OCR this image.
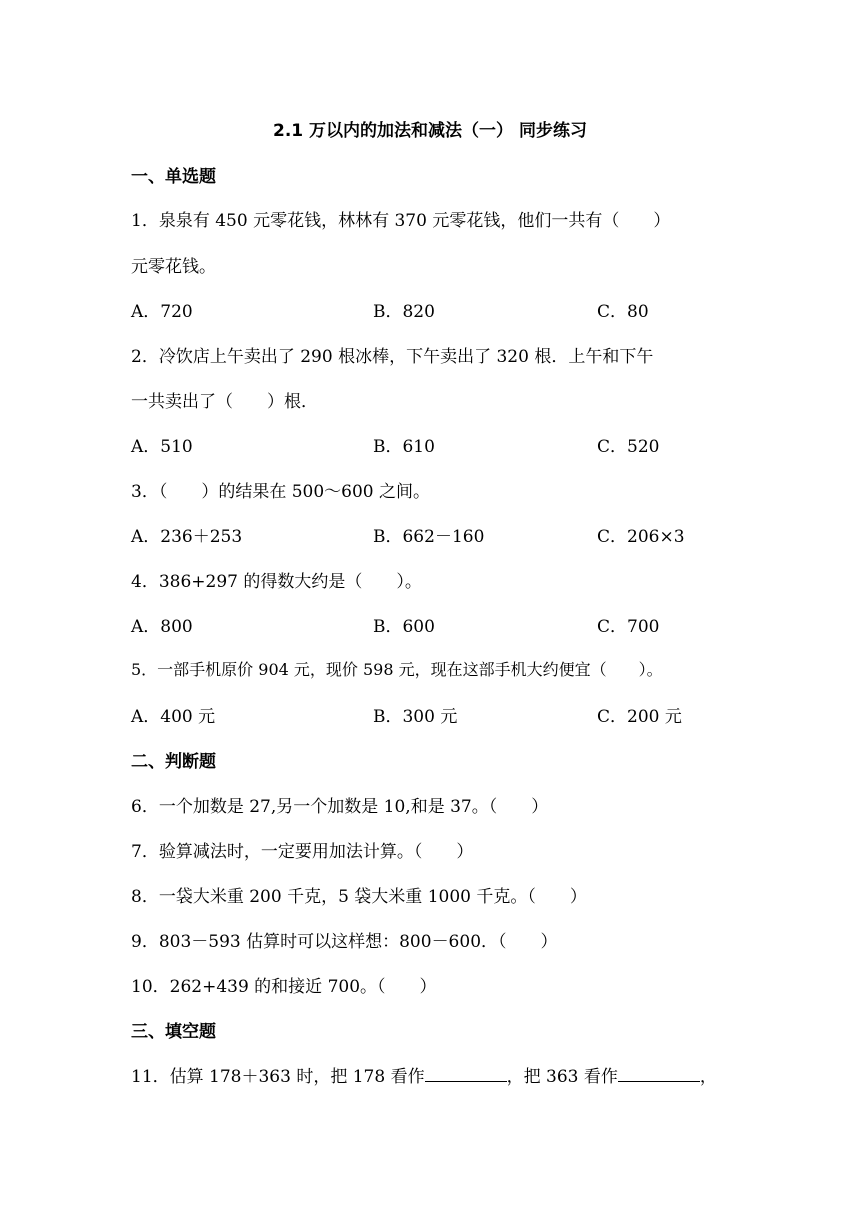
2.1 万以内的加法和减法（一） 同步练习
一、单选题
1．泉泉有 450 元零花钱，林林有 370 元零花钱，他们一共有（　　）
元零花钱。
A．720	B．820	C．80
2．冷饮店上午卖出了 290 根冰棒，下午卖出了 320 根．上午和下午
一共卖出了（　　）根．
A．510	B．610	C．520
3．（　　）的结果在 500～600 之间。
A．236＋253	B．662－160	C．206×3
4．386+297 的得数大约是（　　）。
A．800	B．600	C．700
5．一部手机原价 904 元，现价 598 元，现在这部手机大约便宜（　　）。
A．400 元	B．300 元	C．200 元
二、判断题
6．一个加数是 27,另一个加数是 10,和是 37。（　　）
7．验算减法时，一定要用加法计算。（　　）
8．一袋大米重 200 千克，5 袋大米重 1000 千克。（　　）
9．803－593 估算时可以这样想：800－600．（　　）
10．262+439 的和接近 700。（　　）
三、填空题
11．估算 178＋363 时，把 178 看作	，把 363 看作	，
